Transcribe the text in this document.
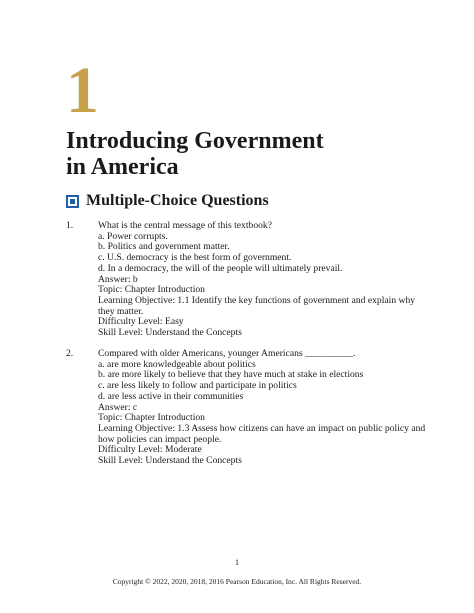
1
Introducing Government
in America
Multiple-Choice Questions
1.	What is the central message of this textbook?
a. Power corrupts.
b. Politics and government matter.
c. U.S. democracy is the best form of government.
d. In a democracy, the will of the people will ultimately prevail.
Answer: b
Topic: Chapter Introduction
Learning Objective: 1.1 Identify the key functions of government and explain why they matter.
Difficulty Level: Easy
Skill Level: Understand the Concepts
2.	Compared with older Americans, younger Americans __________.
a. are more knowledgeable about politics
b. are more likely to believe that they have much at stake in elections
c. are less likely to follow and participate in politics
d. are less active in their communities
Answer: c
Topic: Chapter Introduction
Learning Objective: 1.3 Assess how citizens can have an impact on public policy and how policies can impact people.
Difficulty Level: Moderate
Skill Level: Understand the Concepts
1
Copyright © 2022, 2020, 2018, 2016 Pearson Education, Inc. All Rights Reserved.
